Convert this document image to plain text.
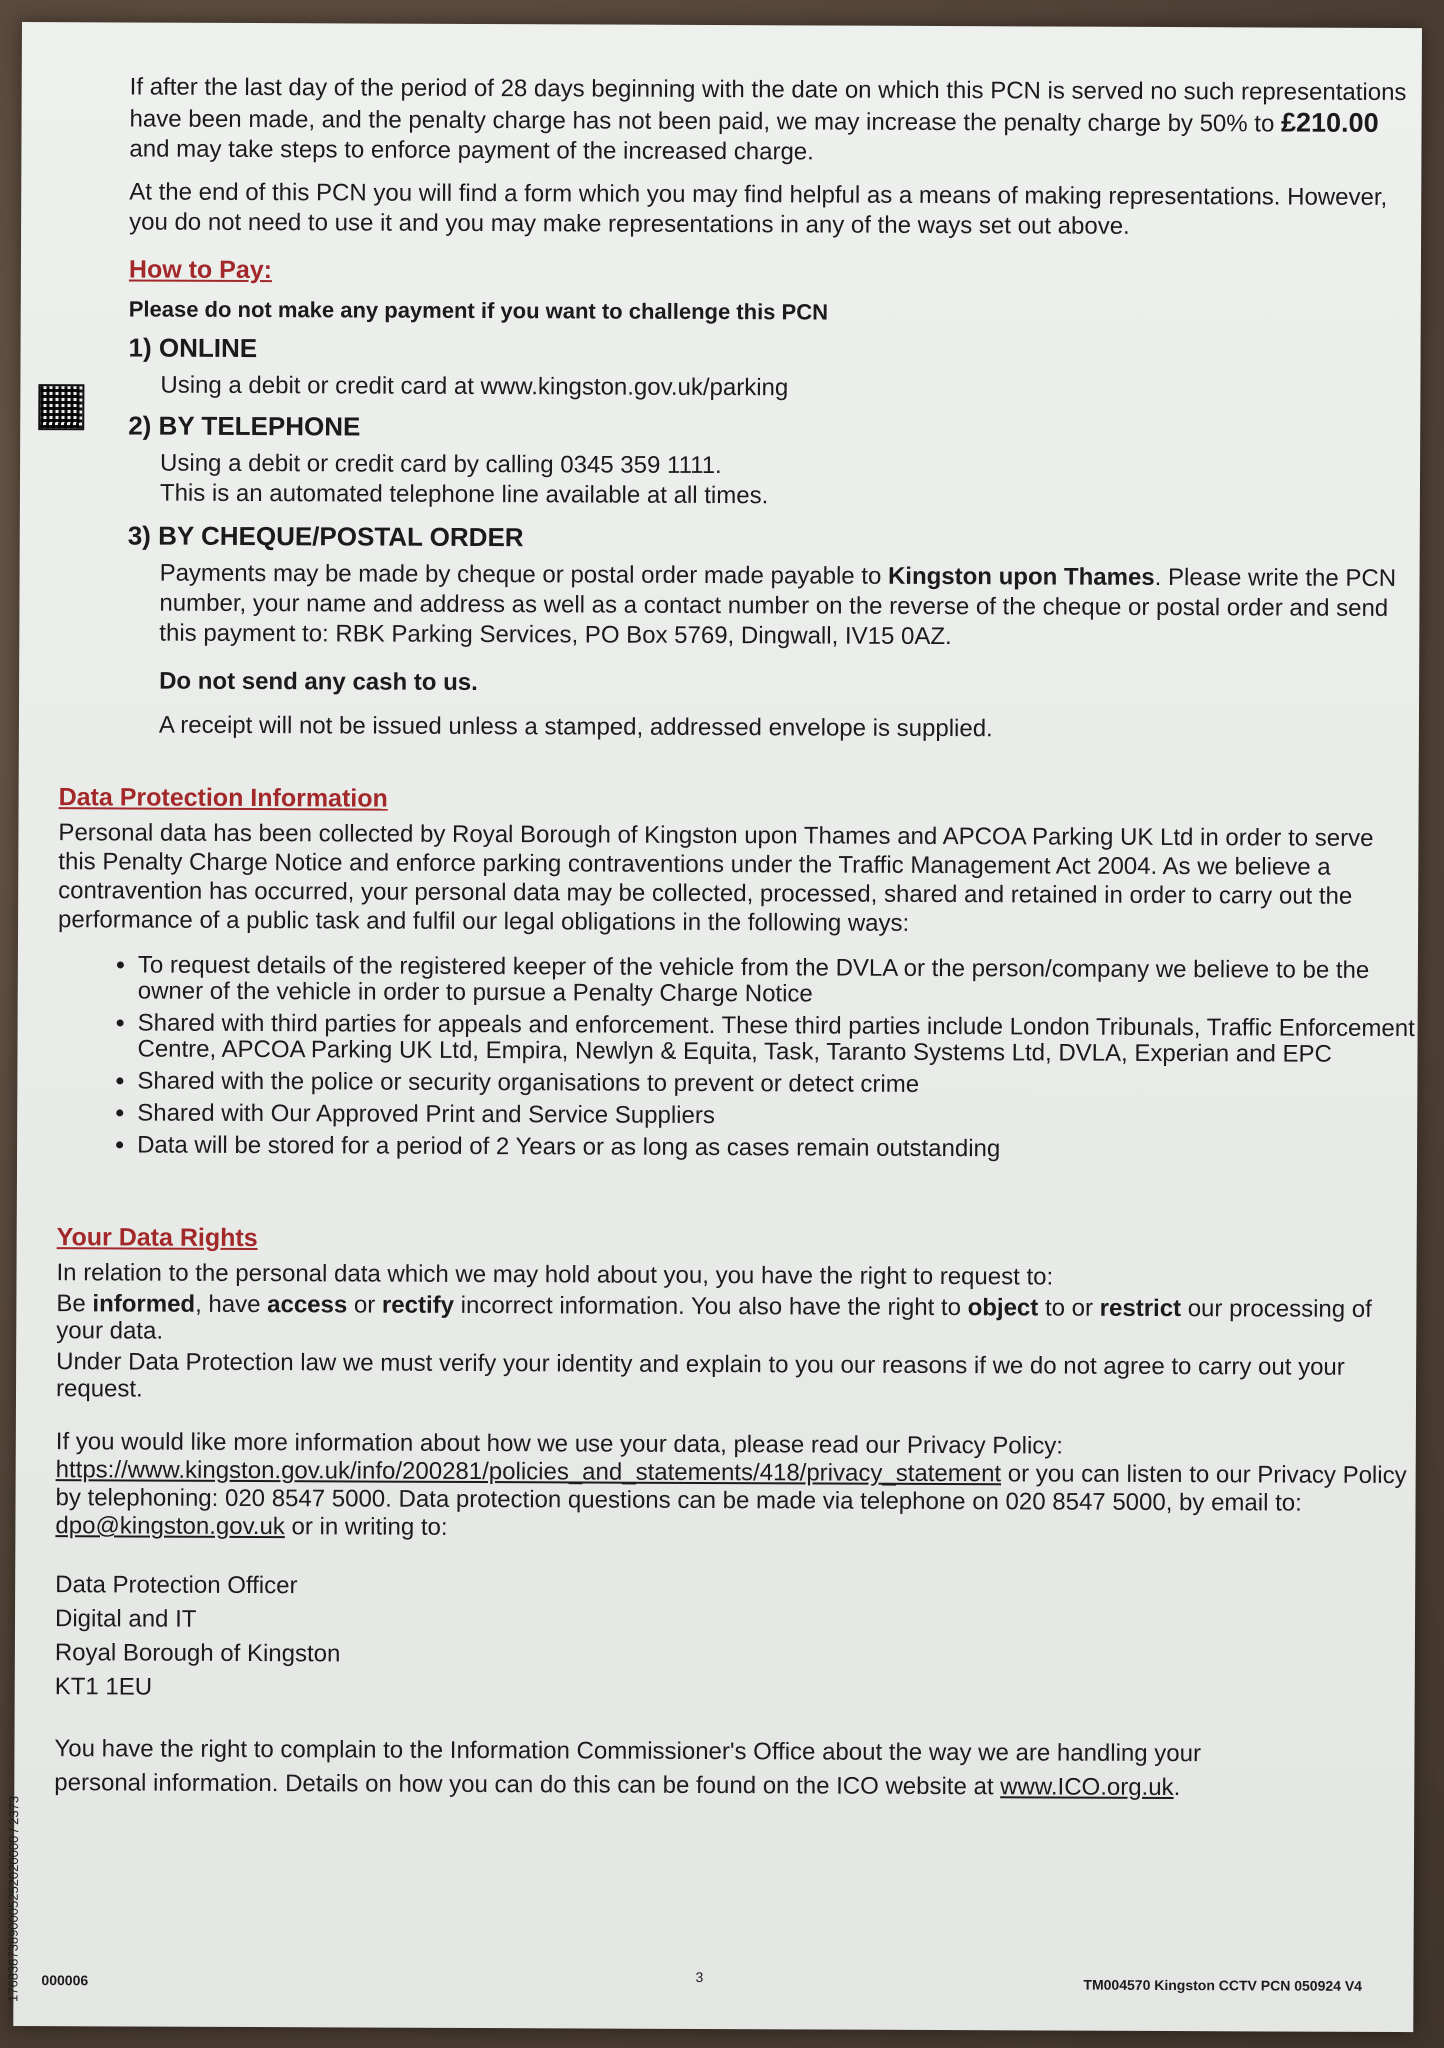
If after the last day of the period of 28 days beginning with the date on which this PCN is served no such representations have been made, and the penalty charge has not been paid, we may increase the penalty charge by 50% to £210.00 and may take steps to enforce payment of the increased charge.

At the end of this PCN you will find a form which you may find helpful as a means of making representations. However, you do not need to use it and you may make representations in any of the ways set out above.

How to Pay:

Please do not make any payment if you want to challenge this PCN

1) ONLINE

Using a debit or credit card at www.kingston.gov.uk/parking

2) BY TELEPHONE

Using a debit or credit card by calling 0345 359 1111.

This is an automated telephone line available at all times.

3) BY CHEQUE/POSTAL ORDER

Payments may be made by cheque or postal order made payable to Kingston upon Thames. Please write the PCN number, your name and address as well as a contact number on the reverse of the cheque or postal order and send this payment to: RBK Parking Services, PO Box 5769, Dingwall, IV15 0AZ.

Do not send any cash to us.

A receipt will not be issued unless a stamped, addressed envelope is supplied.

Data Protection Information

Personal data has been collected by Royal Borough of Kingston upon Thames and APCOA Parking UK Ltd in order to serve this Penalty Charge Notice and enforce parking contraventions under the Traffic Management Act 2004. As we believe a contravention has occurred, your personal data may be collected, processed, shared and retained in order to carry out the performance of a public task and fulfil our legal obligations in the following ways:

• To request details of the registered keeper of the vehicle from the DVLA or the person/company we believe to be the owner of the vehicle in order to pursue a Penalty Charge Notice
• Shared with third parties for appeals and enforcement. These third parties include London Tribunals, Traffic Enforcement Centre, APCOA Parking UK Ltd, Empira, Newlyn & Equita, Task, Taranto Systems Ltd, DVLA, Experian and EPC
• Shared with the police or security organisations to prevent or detect crime
• Shared with Our Approved Print and Service Suppliers
• Data will be stored for a period of 2 Years or as long as cases remain outstanding

Your Data Rights

In relation to the personal data which we may hold about you, you have the right to request to:

Be informed, have access or rectify incorrect information. You also have the right to object to or restrict our processing of your data.

Under Data Protection law we must verify your identity and explain to you our reasons if we do not agree to carry out your request.

If you would like more information about how we use your data, please read our Privacy Policy: https://www.kingston.gov.uk/info/200281/policies_and_statements/418/privacy_statement or you can listen to our Privacy Policy by telephoning: 020 8547 5000. Data protection questions can be made via telephone on 020 8547 5000, by email to: dpo@kingston.gov.uk or in writing to:

Data Protection Officer

Digital and IT

Royal Borough of Kingston

KT1 1EU

You have the right to complain to the Information Commissioner's Office about the way we are handling your personal information. Details on how you can do this can be found on the ICO website at www.ICO.org.uk.

000006	3	TM004570 Kingston CCTV PCN 050924 V4
17683873890005252020000 / 2373
